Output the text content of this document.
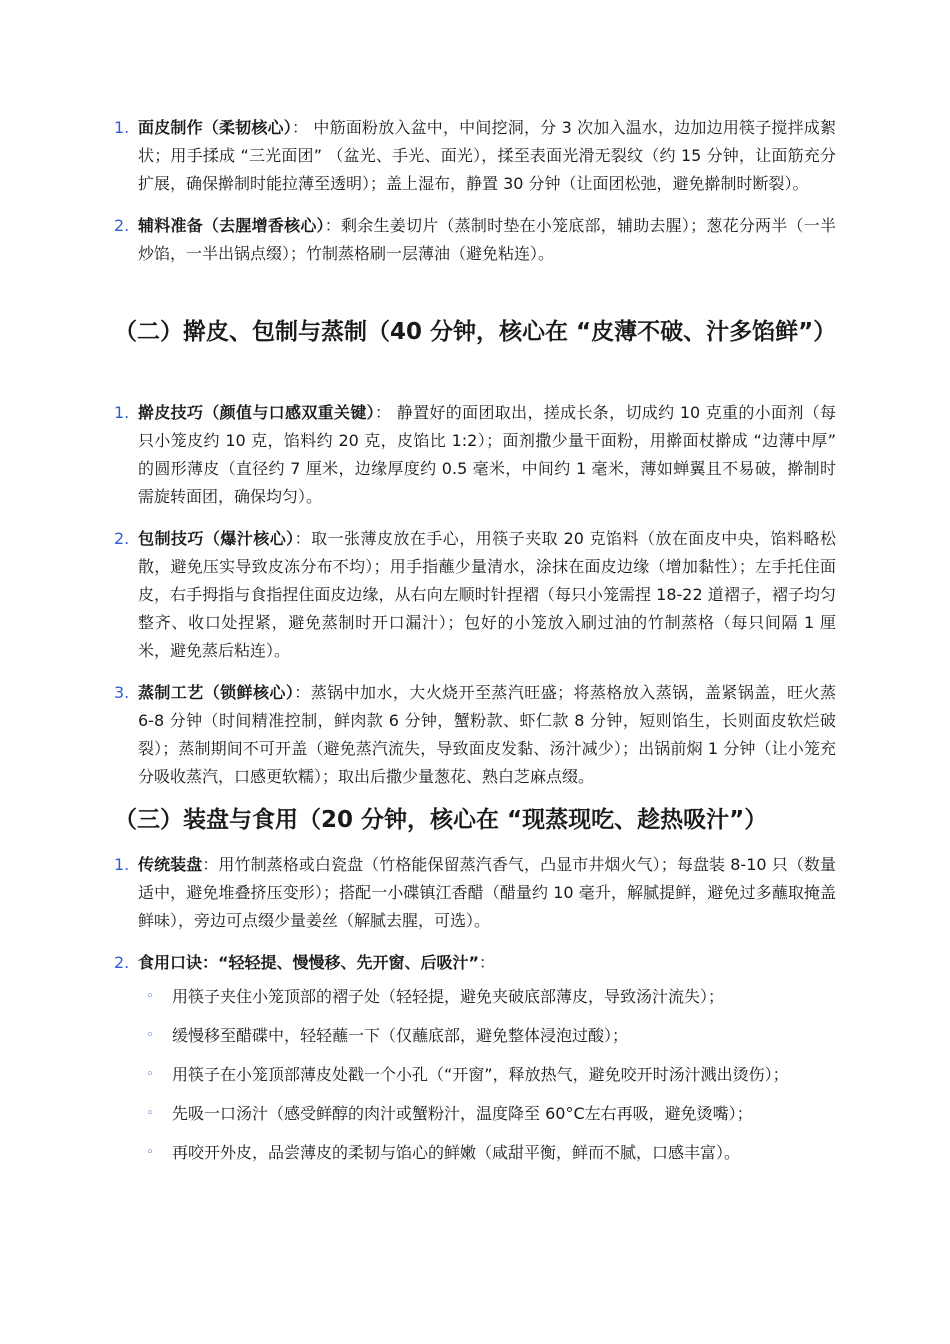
1. 面皮制作（柔韧核心）： 中筋面粉放入盆中，中间挖洞，分 3 次加入温水，边加边用筷子搅拌成絮状；用手揉成 “三光面团” （盆光、手光、面光），揉至表面光滑无裂纹（约 15 分钟，让面筋充分扩展，确保擀制时能拉薄至透明）；盖上湿布，静置 30 分钟（让面团松弛，避免擀制时断裂）。
2. 辅料准备（去腥增香核心）：剩余生姜切片（蒸制时垫在小笼底部，辅助去腥）；葱花分两半（一半炒馅，一半出锅点缀）；竹制蒸格刷一层薄油（避免粘连）。
（二）擀皮、包制与蒸制（40 分钟，核心在 “皮薄不破、汁多馅鲜”）
1. 擀皮技巧（颜值与口感双重关键）： 静置好的面团取出，搓成长条，切成约 10 克重的小面剂（每只小笼皮约 10 克，馅料约 20 克，皮馅比 1:2）；面剂撒少量干面粉，用擀面杖擀成 “边薄中厚” 的圆形薄皮（直径约 7 厘米，边缘厚度约 0.5 毫米，中间约 1 毫米，薄如蝉翼且不易破，擀制时需旋转面团，确保均匀）。
2. 包制技巧（爆汁核心）：取一张薄皮放在手心，用筷子夹取 20 克馅料（放在面皮中央，馅料略松散，避免压实导致皮冻分布不均）；用手指蘸少量清水，涂抹在面皮边缘（增加黏性）；左手托住面皮，右手拇指与食指捏住面皮边缘，从右向左顺时针捏褶（每只小笼需捏 18-22 道褶子，褶子均匀整齐、收口处捏紧，避免蒸制时开口漏汁）；包好的小笼放入刷过油的竹制蒸格（每只间隔 1 厘米，避免蒸后粘连）。
3. 蒸制工艺（锁鲜核心）：蒸锅中加水，大火烧开至蒸汽旺盛；将蒸格放入蒸锅，盖紧锅盖，旺火蒸 6-8 分钟（时间精准控制，鲜肉款 6 分钟，蟹粉款、虾仁款 8 分钟，短则馅生，长则面皮软烂破裂）；蒸制期间不可开盖（避免蒸汽流失，导致面皮发黏、汤汁减少）；出锅前焖 1 分钟（让小笼充分吸收蒸汽，口感更软糯）；取出后撒少量葱花、熟白芝麻点缀。
（三）装盘与食用（20 分钟，核心在 “现蒸现吃、趁热吸汁”）
1. 传统装盘：用竹制蒸格或白瓷盘（竹格能保留蒸汽香气，凸显市井烟火气）；每盘装 8-10 只（数量适中，避免堆叠挤压变形）；搭配一小碟镇江香醋（醋量约 10 毫升，解腻提鲜，避免过多蘸取掩盖鲜味），旁边可点缀少量姜丝（解腻去腥，可选）。
2. 食用口诀：“轻轻提、慢慢移、先开窗、后吸汁”：
◦ 用筷子夹住小笼顶部的褶子处（轻轻提，避免夹破底部薄皮，导致汤汁流失）；
◦ 缓慢移至醋碟中，轻轻蘸一下（仅蘸底部，避免整体浸泡过酸）；
◦ 用筷子在小笼顶部薄皮处戳一个小孔（“开窗”，释放热气，避免咬开时汤汁溅出烫伤）；
◦ 先吸一口汤汁（感受鲜醇的肉汁或蟹粉汁，温度降至 60°C左右再吸，避免烫嘴）；
◦ 再咬开外皮，品尝薄皮的柔韧与馅心的鲜嫩（咸甜平衡，鲜而不腻，口感丰富）。
